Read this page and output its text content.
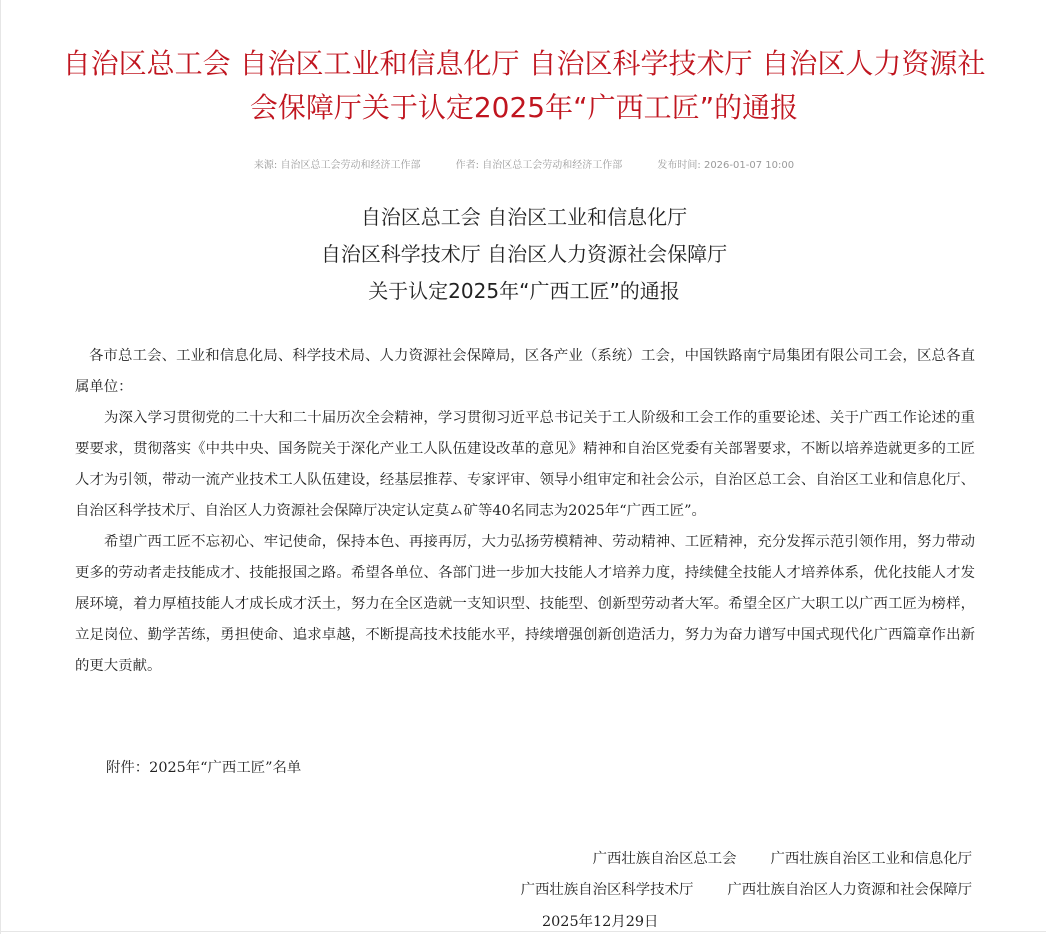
自治区总工会 自治区工业和信息化厅 自治区科学技术厅 自治区人力资源社
会保障厅关于认定2025年“广西工匠”的通报
来源: 自治区总工会劳动和经济工作部	作者: 自治区总工会劳动和经济工作部	发布时间: 2026-01-07 10:00
自治区总工会 自治区工业和信息化厅
自治区科学技术厅 自治区人力资源社会保障厅
关于认定2025年“广西工匠”的通报

各市总工会、工业和信息化局、科学技术局、人力资源社会保障局，区各产业（系统）工会，中国铁路南宁局集团有限公司工会，区总各直属单位：

为深入学习贯彻党的二十大和二十届历次全会精神，学习贯彻习近平总书记关于工人阶级和工会工作的重要论述、关于广西工作论述的重要要求，贯彻落实《中共中央、国务院关于深化产业工人队伍建设改革的意见》精神和自治区党委有关部署要求，不断以培养造就更多的工匠人才为引领，带动一流产业技术工人队伍建设，经基层推荐、专家评审、领导小组审定和社会公示，自治区总工会、自治区工业和信息化厅、自治区科学技术厅、自治区人力资源社会保障厅决定认定莫ム矿等40名同志为2025年“广西工匠”。

希望广西工匠不忘初心、牢记使命，保持本色、再接再厉，大力弘扬劳模精神、劳动精神、工匠精神，充分发挥示范引领作用，努力带动更多的劳动者走技能成才、技能报国之路。希望各单位、各部门进一步加大技能人才培养力度，持续健全技能人才培养体系，优化技能人才发展环境，着力厚植技能人才成长成才沃土，努力在全区造就一支知识型、技能型、创新型劳动者大军。希望全区广大职工以广西工匠为榜样，立足岗位、勤学苦练，勇担使命、追求卓越，不断提高技术技能水平，持续增强创新创造活力，努力为奋力谱写中国式现代化广西篇章作出新的更大贡献。

附件：2025年“广西工匠”名单
广西壮族自治区总工会 广西壮族自治区工业和信息化厅
广西壮族自治区科学技术厅 广西壮族自治区人力资源和社会保障厅
2025年12月29日
